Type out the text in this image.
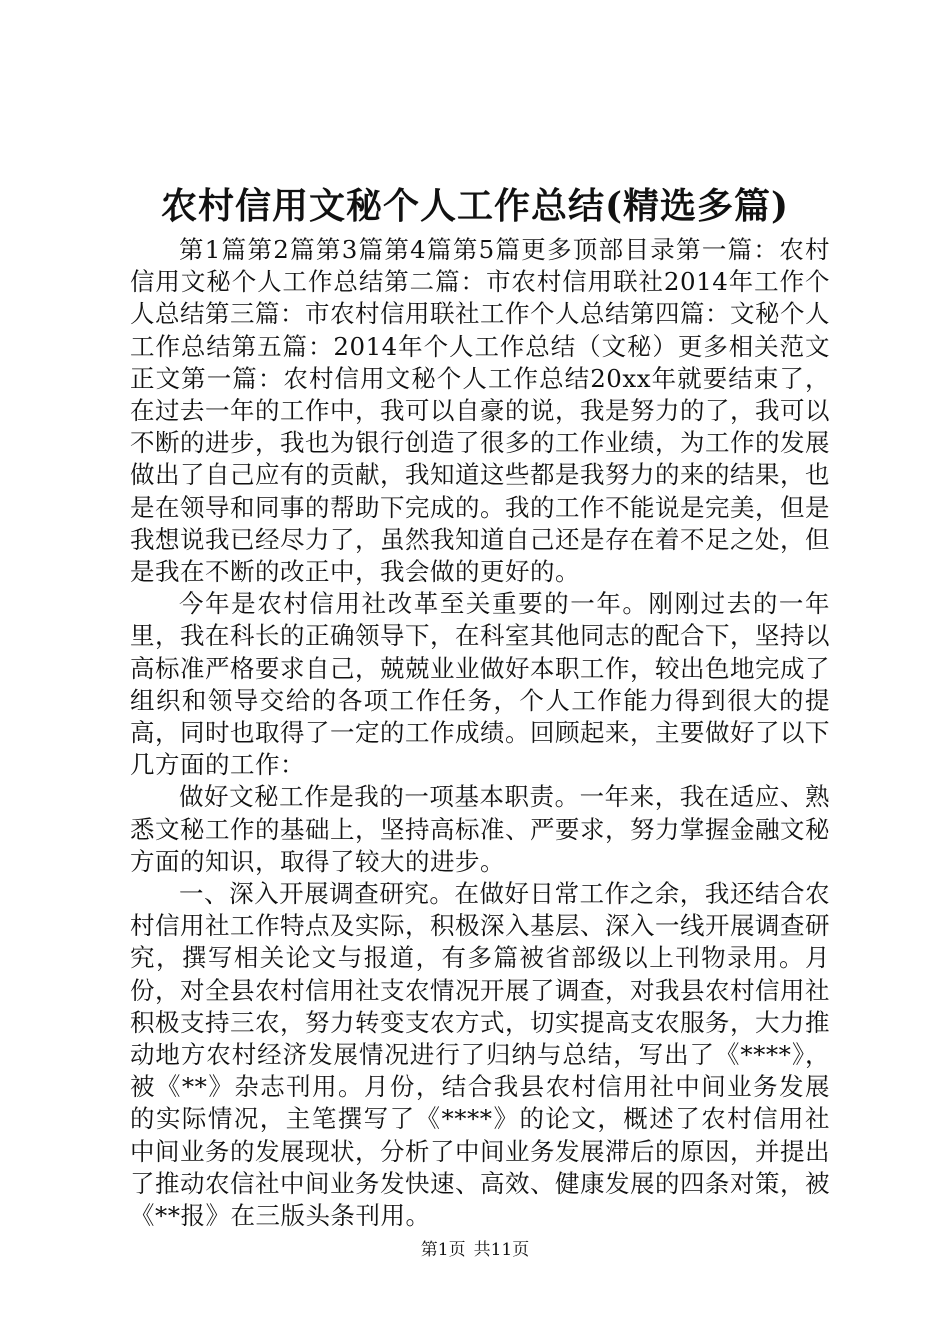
农村信用文秘个人工作总结(精选多篇)

第1篇第2篇第3篇第4篇第5篇更多顶部目录第一篇：农村信用文秘个人工作总结第二篇：市农村信用联社2014年工作个人总结第三篇：市农村信用联社工作个人总结第四篇：文秘个人工作总结第五篇：2014年个人工作总结（文秘）更多相关范文正文第一篇：农村信用文秘个人工作总结20xx年就要结束了，在过去一年的工作中，我可以自豪的说，我是努力的了，我可以不断的进步，我也为银行创造了很多的工作业绩，为工作的发展做出了自己应有的贡献，我知道这些都是我努力的来的结果，也是在领导和同事的帮助下完成的。我的工作不能说是完美，但是我想说我已经尽力了，虽然我知道自己还是存在着不足之处，但是我在不断的改正中，我会做的更好的。

今年是农村信用社改革至关重要的一年。刚刚过去的一年里，我在科长的正确领导下，在科室其他同志的配合下，坚持以高标准严格要求自己，兢兢业业做好本职工作，较出色地完成了组织和领导交给的各项工作任务，个人工作能力得到很大的提高，同时也取得了一定的工作成绩。回顾起来，主要做好了以下几方面的工作：

做好文秘工作是我的一项基本职责。一年来，我在适应、熟悉文秘工作的基础上，坚持高标准、严要求，努力掌握金融文秘方面的知识，取得了较大的进步。

一、深入开展调查研究。在做好日常工作之余，我还结合农村信用社工作特点及实际，积极深入基层、深入一线开展调查研究，撰写相关论文与报道，有多篇被省部级以上刊物录用。月份，对全县农村信用社支农情况开展了调查，对我县农村信用社积极支持三农，努力转变支农方式，切实提高支农服务，大力推动地方农村经济发展情况进行了归纳与总结，写出了《****》，被《**》杂志刊用。月份，结合我县农村信用社中间业务发展的实际情况，主笔撰写了《****》的论文，概述了农村信用社中间业务的发展现状，分析了中间业务发展滞后的原因，并提出了推动农信社中间业务发快速、高效、健康发展的四条对策，被《**报》在三版头条刊用。

第1页 共11页
